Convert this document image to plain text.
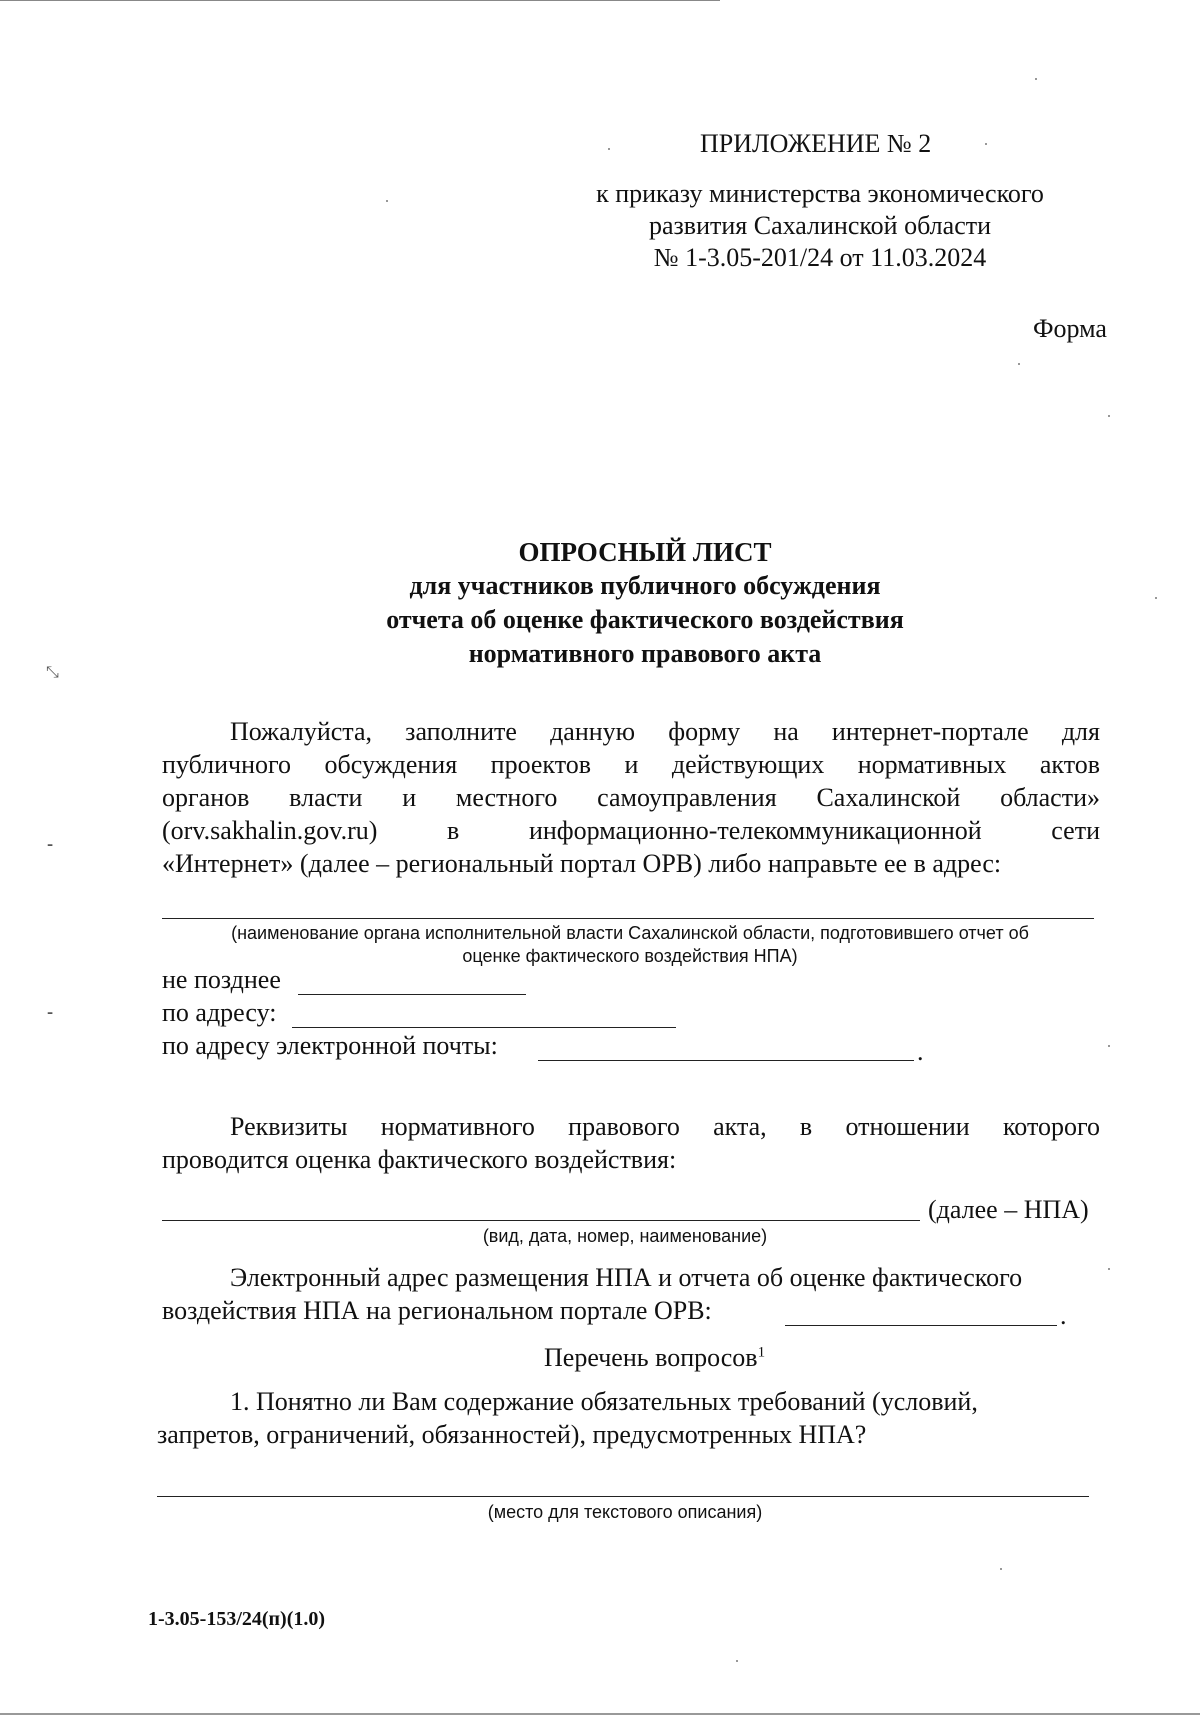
ПРИЛОЖЕНИЕ № 2
к приказу министерства экономического
развития Сахалинской области
№ 1-3.05-201/24 от 11.03.2024
Форма
ОПРОСНЫЙ ЛИСТ
для участников публичного обсуждения
отчета об оценке фактического воздействия
нормативного правового акта
Пожалуйста, заполните данную форму на интернет-портале для
публичного обсуждения проектов и действующих нормативных актов
органов власти и местного самоуправления Сахалинской области»
(orv.sakhalin.gov.ru) в информационно-телекоммуникационной сети
«Интернет» (далее – региональный портал ОРВ) либо направьте ее в адрес:
(наименование органа исполнительной власти Сахалинской области, подготовившего отчет об
оценке фактического воздействия НПА)
не позднее
по адресу:
по адресу электронной почты:	.
Реквизиты нормативного правового акта, в отношении которого
проводится оценка фактического воздействия:
(далее – НПА)
(вид, дата, номер, наименование)
Электронный адрес размещения НПА и отчета об оценке фактического
воздействия НПА на региональном портале ОРВ:	.
Перечень вопросов$^1$
1. Понятно ли Вам содержание обязательных требований (условий,
запретов, ограничений, обязанностей), предусмотренных НПА?
(место для текстового описания)
1-3.05-153/24(п)(1.0)
⤡
⁃
⁃
